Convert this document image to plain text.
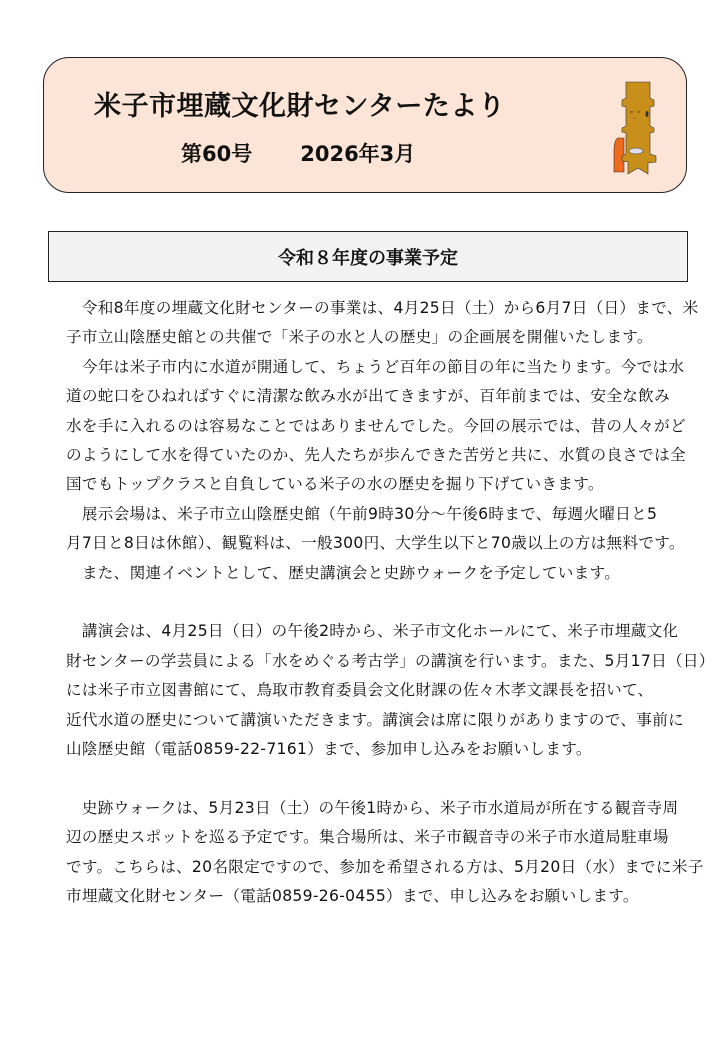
米子市埋蔵文化財センターたより
第60号 2026年3月
令和８年度の事業予定
　令和8年度の埋蔵文化財センターの事業は、4月25日（土）から6月7日（日）まで、米
子市立山陰歴史館との共催で「米子の水と人の歴史」の企画展を開催いたします。
　今年は米子市内に水道が開通して、ちょうど百年の節目の年に当たります。今では水
道の蛇口をひねればすぐに清潔な飲み水が出てきますが、百年前までは、安全な飲み
水を手に入れるのは容易なことではありませんでした。今回の展示では、昔の人々がど
のようにして水を得ていたのか、先人たちが歩んできた苦労と共に、水質の良さでは全
国でもトップクラスと自負している米子の水の歴史を掘り下げていきます。
　展示会場は、米子市立山陰歴史館（午前9時30分～午後6時まで、毎週火曜日と5
月7日と8日は休館）、観覧料は、一般300円、大学生以下と70歳以上の方は無料です。
　また、関連イベントとして、歴史講演会と史跡ウォークを予定しています。
　講演会は、4月25日（日）の午後2時から、米子市文化ホールにて、米子市埋蔵文化
財センターの学芸員による「水をめぐる考古学」の講演を行います。また、5月17日（日）
には米子市立図書館にて、鳥取市教育委員会文化財課の佐々木孝文課長を招いて、
近代水道の歴史について講演いただきます。講演会は席に限りがありますので、事前に
山陰歴史館（電話0859-22-7161）まで、参加申し込みをお願いします。
　史跡ウォークは、5月23日（土）の午後1時から、米子市水道局が所在する観音寺周
辺の歴史スポットを巡る予定です。集合場所は、米子市観音寺の米子市水道局駐車場
です。こちらは、20名限定ですので、参加を希望される方は、5月20日（水）までに米子
市埋蔵文化財センター（電話0859-26-0455）まで、申し込みをお願いします。
